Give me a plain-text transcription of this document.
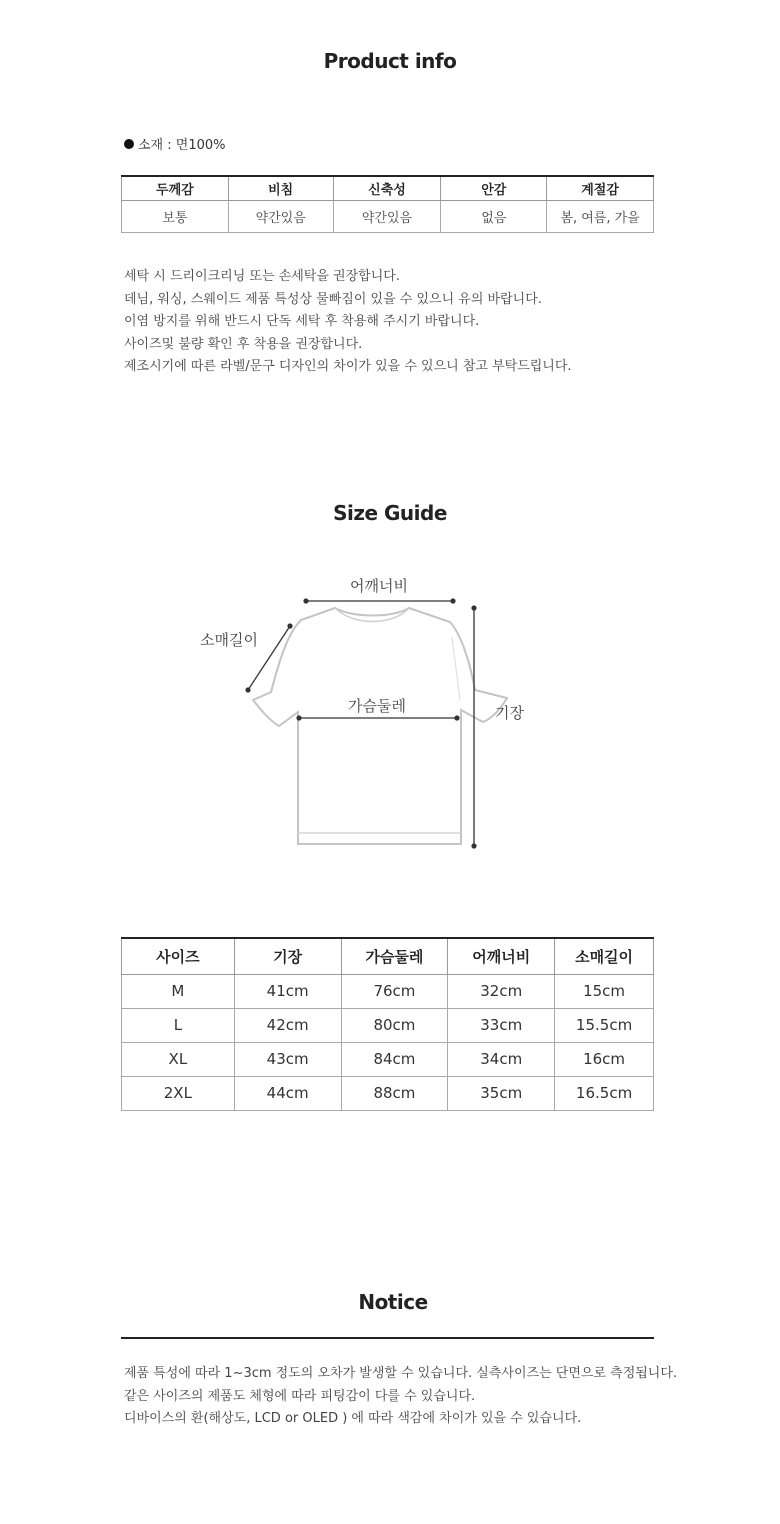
Product info
소재 : 면100%
두께감	비침	신축성	안감	계절감
보통	약간있음	약간있음	없음	봄, 여름, 가을
세탁 시 드리이크리닝 또는 손세탁을 권장합니다.
데님, 워싱, 스웨이드 제품 특성상 물빠짐이 있을 수 있으니 유의 바랍니다.
이염 방지를 위해 반드시 단독 세탁 후 착용해 주시기 바랍니다.
사이즈및 불량 확인 후 착용을 권장합니다.
제조시기에 따른 라벨/문구 디자인의 차이가 있을 수 있으니 참고 부탁드립니다.
Size Guide
어깨너비
소매길이
가슴둘레	기장
사이즈	기장	가슴둘레	어깨너비	소매길이
M	41cm	76cm	32cm	15cm
L	42cm	80cm	33cm	15.5cm
XL	43cm	84cm	34cm	16cm
2XL	44cm	88cm	35cm	16.5cm
Notice
제품 특성에 따라 1~3cm 정도의 오차가 발생할 수 있습니다. 실측사이즈는 단면으로 측정됩니다.
같은 사이즈의 제품도 체형에 따라 피팅감이 다를 수 있습니다.
디바이스의 환(해상도, LCD or OLED ) 에 따라 색감에 차이가 있을 수 있습니다.
